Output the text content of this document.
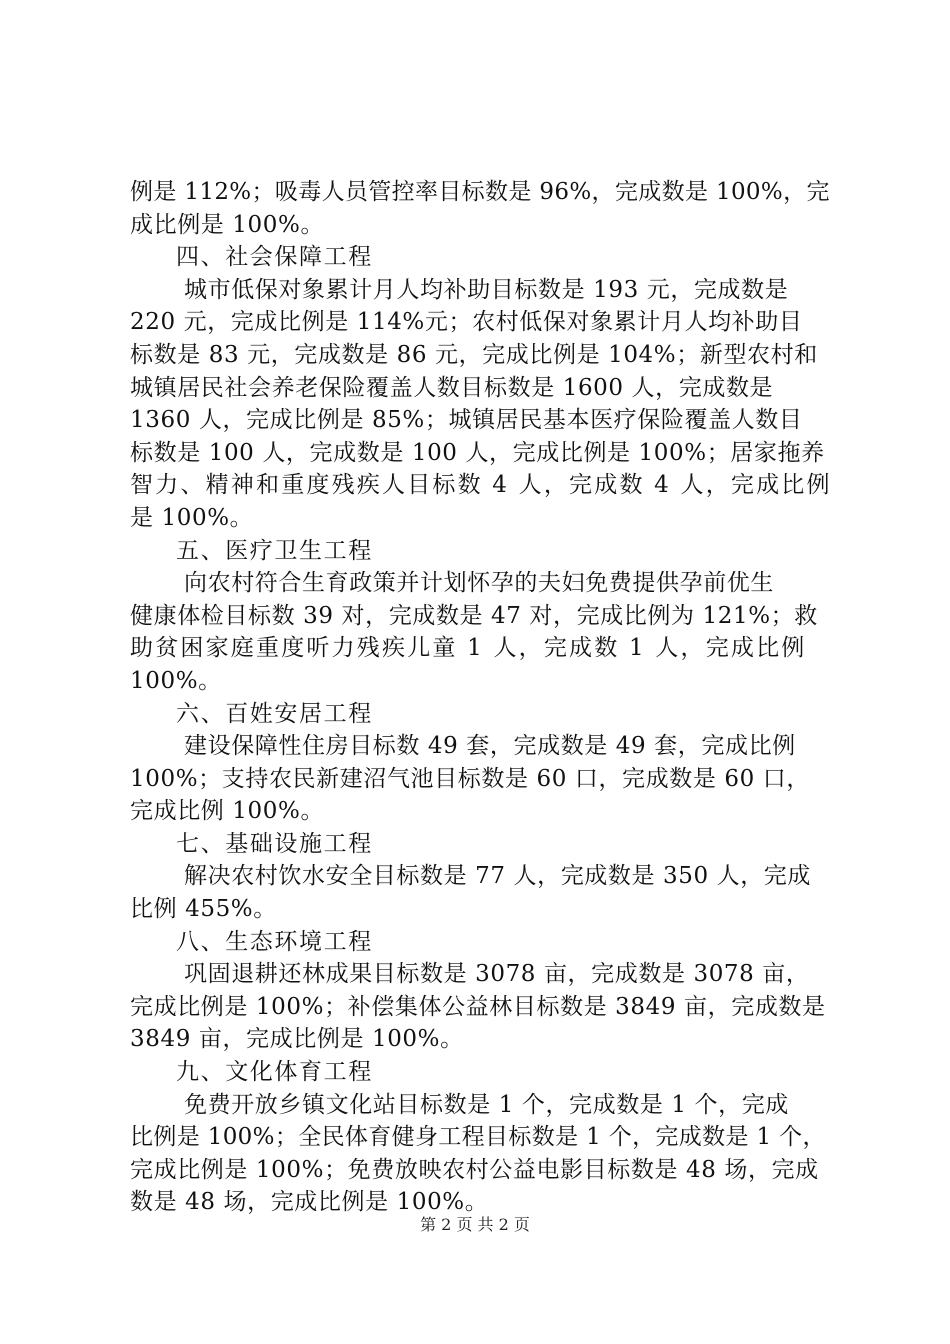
例是 112%；吸毒人员管控率目标数是 96%，完成数是 100%，完
成比例是 100%。
四、社会保障工程
城市低保对象累计月人均补助目标数是 193 元，完成数是
220 元，完成比例是 114%元；农村低保对象累计月人均补助目
标数是 83 元，完成数是 86 元，完成比例是 104%；新型农村和
城镇居民社会养老保险覆盖人数目标数是 1600 人，完成数是
1360 人，完成比例是 85%；城镇居民基本医疗保险覆盖人数目
标数是 100 人，完成数是 100 人，完成比例是 100%；居家拖养
智力、精神和重度残疾人目标数 4 人，完成数 4 人，完成比例
是 100%。
五、医疗卫生工程
向农村符合生育政策并计划怀孕的夫妇免费提供孕前优生
健康体检目标数 39 对，完成数是 47 对，完成比例为 121%；救
助贫困家庭重度听力残疾儿童 1 人，完成数 1 人，完成比例
100%。
六、百姓安居工程
建设保障性住房目标数 49 套，完成数是 49 套，完成比例
100%；支持农民新建沼气池目标数是 60 口，完成数是 60 口，
完成比例 100%。
七、基础设施工程
解决农村饮水安全目标数是 77 人，完成数是 350 人，完成
比例 455%。
八、生态环境工程
巩固退耕还林成果目标数是 3078 亩，完成数是 3078 亩，
完成比例是 100%；补偿集体公益林目标数是 3849 亩，完成数是
3849 亩，完成比例是 100%。
九、文化体育工程
免费开放乡镇文化站目标数是 1 个，完成数是 1 个，完成
比例是 100%；全民体育健身工程目标数是 1 个，完成数是 1 个，
完成比例是 100%；免费放映农村公益电影目标数是 48 场，完成
数是 48 场，完成比例是 100%。
第 2 页 共 2 页
